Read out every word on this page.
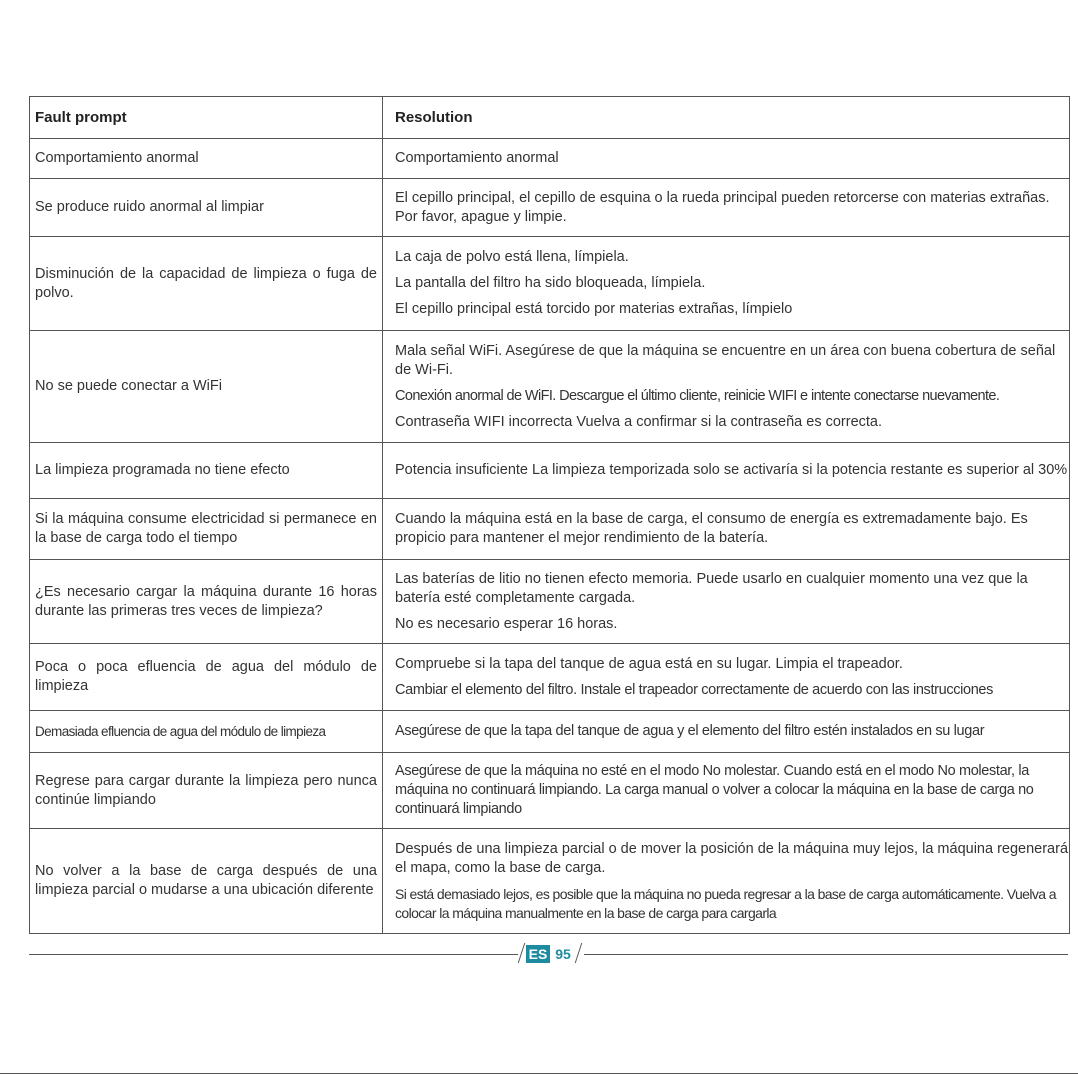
Fault prompt	Resolution
Comportamiento anormal	Comportamiento anormal

Se produce ruido anormal al limpiar	El cepillo principal, el cepillo de esquina o la rueda principal pueden retorcerse con materias extrañas. Por favor, apague y limpie.

Disminución de la capacidad de limpieza o fuga de polvo.	La caja de polvo está llena, límpiela.

La pantalla del filtro ha sido bloqueada, límpiela.

El cepillo principal está torcido por materias extrañas, límpielo

No se puede conectar a WiFi	Mala señal WiFi. Asegúrese de que la máquina se encuentre en un área con buena cobertura de señal de Wi-Fi.

Conexión anormal de WiFI. Descargue el último cliente, reinicie WIFI e intente conectarse nuevamente.

Contraseña WIFI incorrecta Vuelva a confirmar si la contraseña es correcta.

La limpieza programada no tiene efecto	Potencia insuficiente La limpieza temporizada solo se activaría si la potencia restante es superior al 30%

Si la máquina consume electricidad si permanece en la base de carga todo el tiempo	Cuando la máquina está en la base de carga, el consumo de energía es extremadamente bajo. Es propicio para mantener el mejor rendimiento de la batería.

¿Es necesario cargar la máquina durante 16 horas durante las primeras tres veces de limpieza?	Las baterías de litio no tienen efecto memoria. Puede usarlo en cualquier momento una vez que la batería esté completamente cargada.

No es necesario esperar 16 horas.

Poca o poca efluencia de agua del módulo de limpieza	Compruebe si la tapa del tanque de agua está en su lugar. Limpia el trapeador.

Cambiar el elemento del filtro. Instale el trapeador correctamente de acuerdo con las instrucciones

Demasiada efluencia de agua del módulo de limpieza	Asegúrese de que la tapa del tanque de agua y el elemento del filtro estén instalados en su lugar

Regrese para cargar durante la limpieza pero nunca continúe limpiando	Asegúrese de que la máquina no esté en el modo No molestar. Cuando está en el modo No molestar, la máquina no continuará limpiando. La carga manual o volver a colocar la máquina en la base de carga no continuará limpiando

No volver a la base de carga después de una limpieza parcial o mudarse a una ubicación diferente	Después de una limpieza parcial o de mover la posición de la máquina muy lejos, la máquina regenerará el mapa, como la base de carga.

Si está demasiado lejos, es posible que la máquina no pueda regresar a la base de carga automáticamente. Vuelva a colocar la máquina manualmente en la base de carga para cargarla

ES 95
